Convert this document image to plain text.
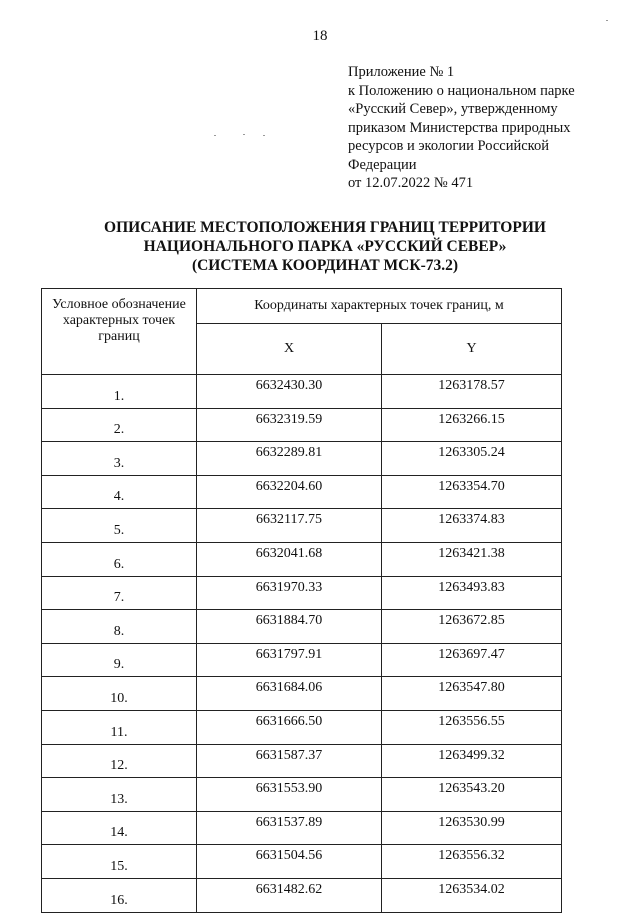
18
Приложение № 1
к Положению о национальном парке
«Русский Север», утвержденному
приказом Министерства природных
ресурсов и экологии Российской
Федерации
от 12.07.2022 № 471
ОПИСАНИЕ МЕСТОПОЛОЖЕНИЯ ГРАНИЦ ТЕРРИТОРИИ
НАЦИОНАЛЬНОГО ПАРКА «РУССКИЙ СЕВЕР»
(СИСТЕМА КООРДИНАТ МСК-73.2)
Условное обозначение характерных точек границ	Координаты характерных точек границ, м	
	X	Y
1.	6632430.30	1263178.57
2.	6632319.59	1263266.15
3.	6632289.81	1263305.24
4.	6632204.60	1263354.70
5.	6632117.75	1263374.83
6.	6632041.68	1263421.38
7.	6631970.33	1263493.83
8.	6631884.70	1263672.85
9.	6631797.91	1263697.47
10.	6631684.06	1263547.80
11.	6631666.50	1263556.55
12.	6631587.37	1263499.32
13.	6631553.90	1263543.20
14.	6631537.89	1263530.99
15.	6631504.56	1263556.32
16.	6631482.62	1263534.02
